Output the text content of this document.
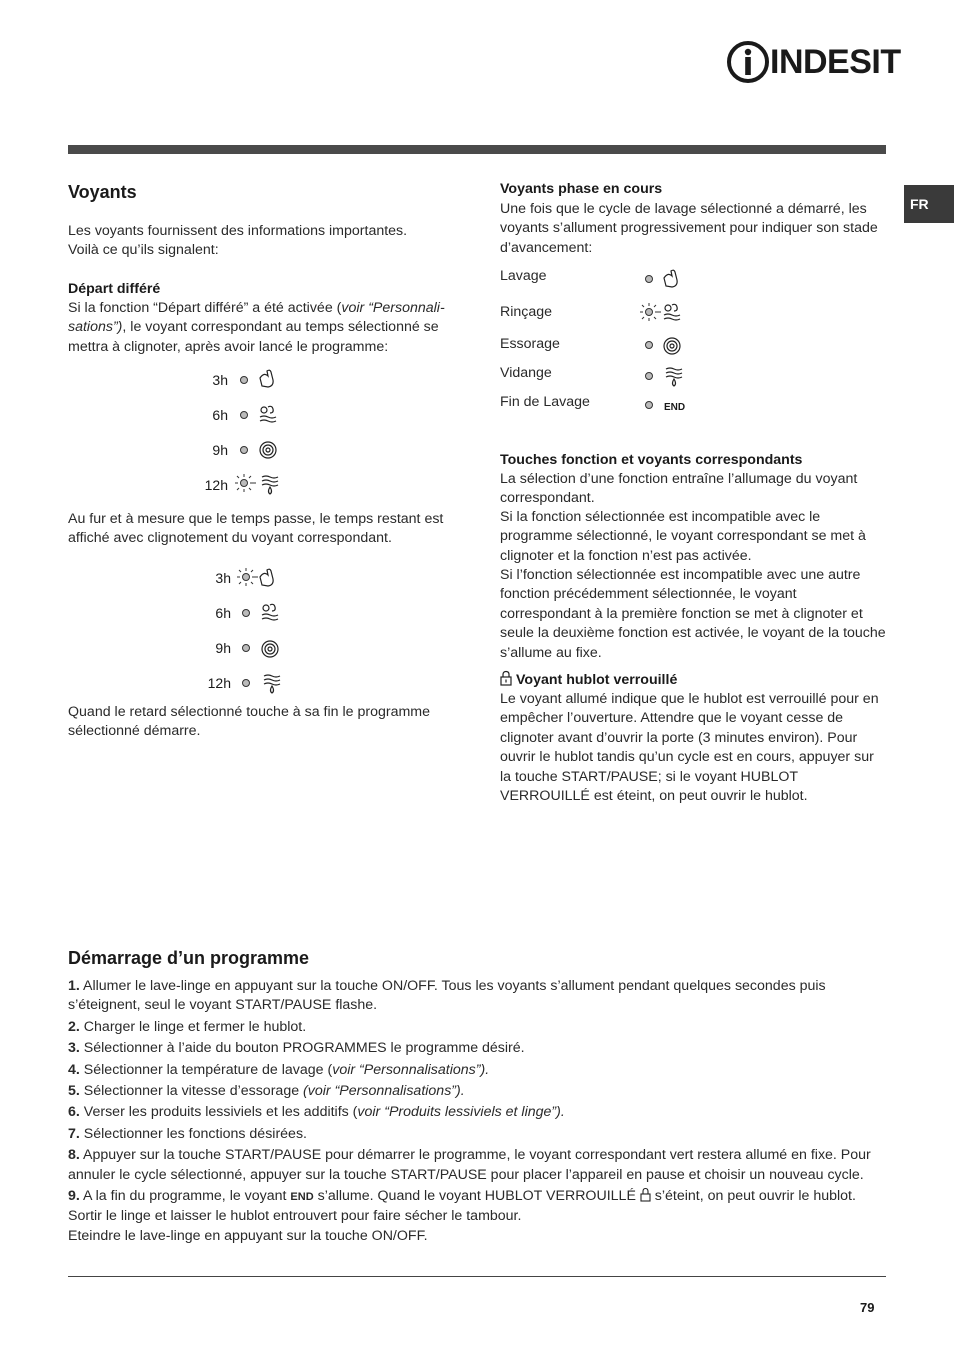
INDESIT
FR
Voyants

Les voyants fournissent des informations importantes.

Voilà ce qu’ils signalent:

Départ différé

Si la fonction “Départ différé” a été activée (voir “Personnali-sations”), le voyant correspondant au temps sélectionné se mettra à clignoter, après avoir lancé le programme:

3h
6h
9h
12h

Au fur et à mesure que le temps passe, le temps restant est affiché avec clignotement du voyant correspondant.

3h
6h
9h
12h

Quand le retard sélectionné touche à sa fin le programme sélectionné démarre.

Voyants phase en cours

Une fois que le cycle de lavage sélectionné a démarré, les voyants s’allument progressivement pour indiquer son stade d’avancement:

Lavage
Rinçage
Essorage
Vidange
Fin de Lavage	END

Touches fonction et voyants correspondants

La sélection d’une fonction entraîne l’allumage du voyant correspondant.

Si la fonction sélectionnée est incompatible avec le programme sélectionné, le voyant correspondant se met à clignoter et la fonction n’est pas activée.

Si l’fonction sélectionnée est incompatible avec une autre fonction précédemment sélectionnée, le voyant correspondant à la première fonction se met à clignoter et seule la deuxième fonction est activée, le voyant de la touche s’allume au fixe.

Voyant hublot verrouillé

Le voyant allumé indique que le hublot est verrouillé pour en empêcher l’ouverture. Attendre que le voyant cesse de clignoter avant d’ouvrir la porte (3 minutes environ). Pour ouvrir le hublot tandis qu’un cycle est en cours, appuyer sur la touche START/PAUSE; si le voyant HUBLOT VERROUILLÉ est éteint, on peut ouvrir le hublot.

Démarrage d’un programme
1. Allumer le lave-linge en appuyant sur la touche ON/OFF. Tous les voyants s’allument pendant quelques secondes puis s’éteignent, seul le voyant START/PAUSE flashe.
2. Charger le linge et fermer le hublot.
3. Sélectionner à l’aide du bouton PROGRAMMES le programme désiré.
4. Sélectionner la température de lavage (voir “Personnalisations”).
5. Sélectionner la vitesse d’essorage (voir “Personnalisations”).
6. Verser les produits lessiviels et les additifs (voir “Produits lessiviels et linge”).
7. Sélectionner les fonctions désirées.
8. Appuyer sur la touche START/PAUSE pour démarrer le programme, le voyant correspondant vert restera allumé en fixe. Pour annuler le cycle sélectionné, appuyer sur la touche START/PAUSE pour placer l’appareil en pause et choisir un nouveau cycle.
9. A la fin du programme, le voyant END s’allume. Quand le voyant HUBLOT VERROUILLÉ  s’éteint, on peut ouvrir le hublot.
Sortir le linge et laisser le hublot entrouvert pour faire sécher le tambour.
Eteindre le lave-linge en appuyant sur la touche ON/OFF.
79
